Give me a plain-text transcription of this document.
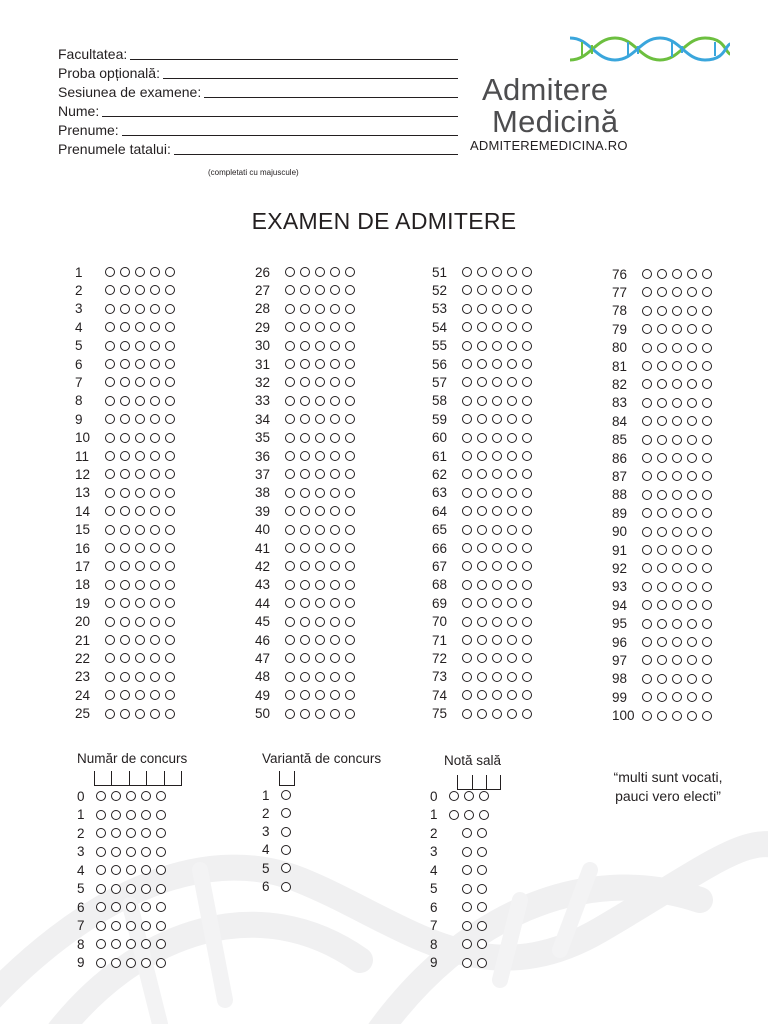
Facultatea:
Proba opțională:
Sesiunea de examene:
Nume:
Prenume:
Prenumele tatalui:
(completati cu majuscule)
Admitere
Medicină
ADMITEREMEDICINA.RO
EXAMEN DE ADMITERE
1
2
3
4
5
6
7
8
9
10
11
12
13
14
15
16
17
18
19
20
21
22
23
24
25
26
27
28
29
30
31
32
33
34
35
36
37
38
39
40
41
42
43
44
45
46
47
48
49
50
51
52
53
54
55
56
57
58
59
60
61
62
63
64
65
66
67
68
69
70
71
72
73
74
75
76
77
78
79
80
81
82
83
84
85
86
87
88
89
90
91
92
93
94
95
96
97
98
99
100
Număr de concurs
0
1
2
3
4
5
6
7
8
9
Variantă de concurs
1
2
3
4
5
6
Notă sală
0
1
2
3
4
5
6
7
8
9
“multi sunt vocati,
pauci vero electi”
